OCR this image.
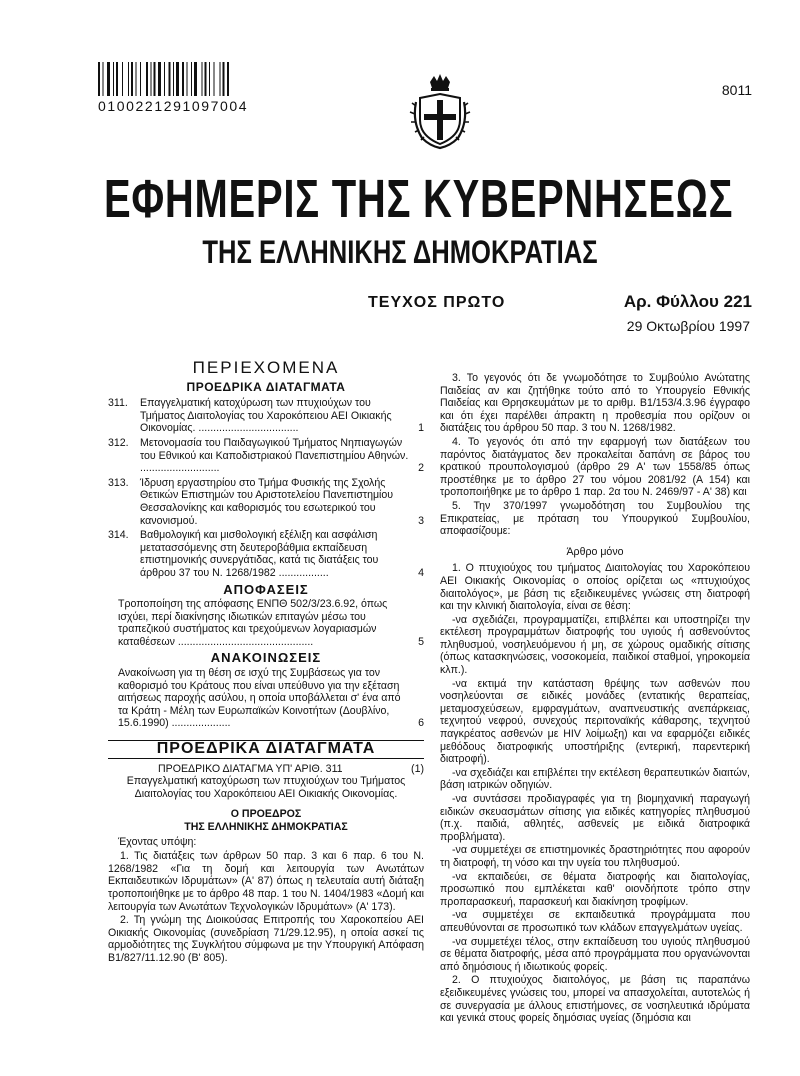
0100221291097004
8011
ΕΦΗΜΕΡΙΣ ΤΗΣ ΚΥΒΕΡΝΗΣΕΩΣ
ΤΗΣ ΕΛΛΗΝΙΚΗΣ ΔΗΜΟΚΡΑΤΙΑΣ
ΤΕΥΧΟΣ ΠΡΩΤΟ	Αρ. Φύλλου 221
29 Οκτωβρίου 1997
ΠΕΡΙΕΧΟΜΕΝΑ
ΠΡΟΕΔΡΙΚΑ ΔΙΑΤΑΓΜΑΤΑ
311. Επαγγελματική κατοχύρωση των πτυχιούχων του Τμήματος Διαιτολογίας του Χαροκόπειου ΑΕΙ Οικιακής Οικονομίας. ..................................	1
312. Μετονομασία του Παιδαγωγικού Τμήματος Νηπιαγωγών του Εθνικού και Καποδιστριακού Πανεπιστημίου Αθηνών. ...........................	2
313. Ίδρυση εργαστηρίου στο Τμήμα Φυσικής της Σχολής Θετικών Επιστημών του Αριστοτελείου Πανεπιστημίου Θεσσαλονίκης και καθορισμός του εσωτερικού του κανονισμού.	3
314. Βαθμολογική και μισθολογική εξέλιξη και ασφάλιση μετατασσόμενης στη δευτεροβάθμια εκπαίδευση επιστημονικής συνεργάτιδας, κατά τις διατάξεις του άρθρου 37 του Ν. 1268/1982 .................	4
ΑΠΟΦΑΣΕΙΣ
Τροποποίηση της απόφασης ΕΝΠΘ 502/3/23.6.92, όπως ισχύει, περί διακίνησης ιδιωτικών επιταγών μέσω του τραπεζικού συστήματος και τρεχούμενων λογαριασμών καταθέσεων ..............................................	5
ΑΝΑΚΟΙΝΩΣΕΙΣ
Ανακοίνωση για τη θέση σε ισχύ της Συμβάσεως για τον καθορισμό του Κράτους που είναι υπεύθυνο για την εξέταση αιτήσεως παροχής ασύλου, η οποία υποβάλλεται σ' ένα από τα Κράτη - Μέλη των Ευρωπαϊκών Κοινοτήτων (Δουβλίνο, 15.6.1990) ....................	6
ΠΡΟΕΔΡΙΚΑ ΔΙΑΤΑΓΜΑΤΑ
ΠΡΟΕΔΡΙΚΟ ΔΙΑΤΑΓΜΑ ΥΠ' ΑΡΙΘ. 311	(1)

Επαγγελματική κατοχύρωση των πτυχιούχων του Τμήματος Διαιτολογίας του Χαροκόπειου ΑΕΙ Οικιακής Οικονομίας.

Ο ΠΡΟΕΔΡΟΣ

ΤΗΣ ΕΛΛΗΝΙΚΗΣ ΔΗΜΟΚΡΑΤΙΑΣ

Έχοντας υπόψη:

1. Τις διατάξεις των άρθρων 50 παρ. 3 και 6 παρ. 6 του Ν. 1268/1982 «Για τη δομή και λειτουργία των Ανωτάτων Εκπαιδευτικών Ιδρυμάτων» (Α' 87) όπως η τελευταία αυτή διάταξη τροποποιήθηκε με το άρθρο 48 παρ. 1 του Ν. 1404/1983 «Δομή και λειτουργία των Ανωτάτων Τεχνολογικών Ιδρυμάτων» (Α' 173).

2. Τη γνώμη της Διοικούσας Επιτροπής του Χαροκοπείου ΑΕΙ Οικιακής Οικονομίας (συνεδρίαση 71/29.12.95), η οποία ασκεί τις αρμοδιότητες της Συγκλήτου σύμφωνα με την Υπουργική Απόφαση Β1/827/11.12.90 (Β' 805).

3. Το γεγονός ότι δε γνωμοδότησε το Συμβούλιο Ανώτατης Παιδείας αν και ζητήθηκε τούτο από το Υπουργείο Εθνικής Παιδείας και Θρησκευμάτων με το αριθμ. Β1/153/4.3.96 έγγραφο και ότι έχει παρέλθει άπρακτη η προθεσμία που ορίζουν οι διατάξεις του άρθρου 50 παρ. 3 του Ν. 1268/1982.

4. Το γεγονός ότι από την εφαρμογή των διατάξεων του παρόντος διατάγματος δεν προκαλείται δαπάνη σε βάρος του κρατικού προυπολογισμού (άρθρο 29 Α' των 1558/85 όπως προστέθηκε με το άρθρο 27 του νόμου 2081/92 (Α 154) και τροποποιήθηκε με το άρθρο 1 παρ. 2α του Ν. 2469/97 - Α' 38) και

5. Την 370/1997 γνωμοδότηση του Συμβουλίου της Επικρατείας, με πρόταση του Υπουργικού Συμβουλίου, αποφασίζουμε:

Άρθρο μόνο

1. Ο πτυχιούχος του τμήματος Διαιτολογίας του Χαροκόπειου ΑΕΙ Οικιακής Οικονομίας ο οποίος ορίζεται ως «πτυχιούχος διαιτολόγος», με βάση τις εξειδικευμένες γνώσεις στη διατροφή και την κλινική διαιτολογία, είναι σε θέση:

-να σχεδιάζει, προγραμματίζει, επιβλέπει και υποστηρίζει την εκτέλεση προγραμμάτων διατροφής του υγιούς ή ασθενούντος πληθυσμού, νοσηλευόμενου ή μη, σε χώρους ομαδικής σίτισης (όπως κατασκηνώσεις, νοσοκομεία, παιδικοί σταθμοί, γηροκομεία κλπ.).

-να εκτιμά την κατάσταση θρέψης των ασθενών που νοσηλεύονται σε ειδικές μονάδες (εντατικής θεραπείας, μεταμοσχεύσεων, εμφραγμάτων, αναπνευστικής ανεπάρκειας, τεχνητού νεφρού, συνεχούς περιτοναϊκής κάθαρσης, τεχνητού παγκρέατος ασθενών με HIV λοίμωξη) και να εφαρμόζει ειδικές μεθόδους διατροφικής υποστήριξης (εντερική, παρεντερική διατροφή).

-να σχεδιάζει και επιβλέπει την εκτέλεση θεραπευτικών διαιτών, βάση ιατρικών οδηγιών.

-να συντάσσει προδιαγραφές για τη βιομηχανική παραγωγή ειδικών σκευασμάτων σίτισης για ειδικές κατηγορίες πληθυσμού (π.χ. παιδιά, αθλητές, ασθενείς με ειδικά διατροφικά προβλήματα).

-να συμμετέχει σε επιστημονικές δραστηριότητες που αφορούν τη διατροφή, τη νόσο και την υγεία του πληθυσμού.

-να εκπαιδεύει, σε θέματα διατροφής και διαιτολογίας, προσωπικό που εμπλέκεται καθ' οιονδήποτε τρόπο στην προπαρασκευή, παρασκευή και διακίνηση τροφίμων.

-να συμμετέχει σε εκπαιδευτικά προγράμματα που απευθύνονται σε προσωπικό των κλάδων επαγγελμάτων υγείας.

-να συμμετέχει τέλος, στην εκπαίδευση του υγιούς πληθυσμού σε θέματα διατροφής, μέσα από προγράμματα που οργανώνονται από δημόσιους ή ιδιωτικούς φορείς.

2. Ο πτυχιούχος διαιτολόγος, με βάση τις παραπάνω εξειδικευμένες γνώσεις του, μπορεί να απασχολείται, αυτοτελώς ή σε συνεργασία με άλλους επιστήμονες, σε νοσηλευτικά ιδρύματα και γενικά στους φορείς δημόσιας υγείας (δημόσια και
